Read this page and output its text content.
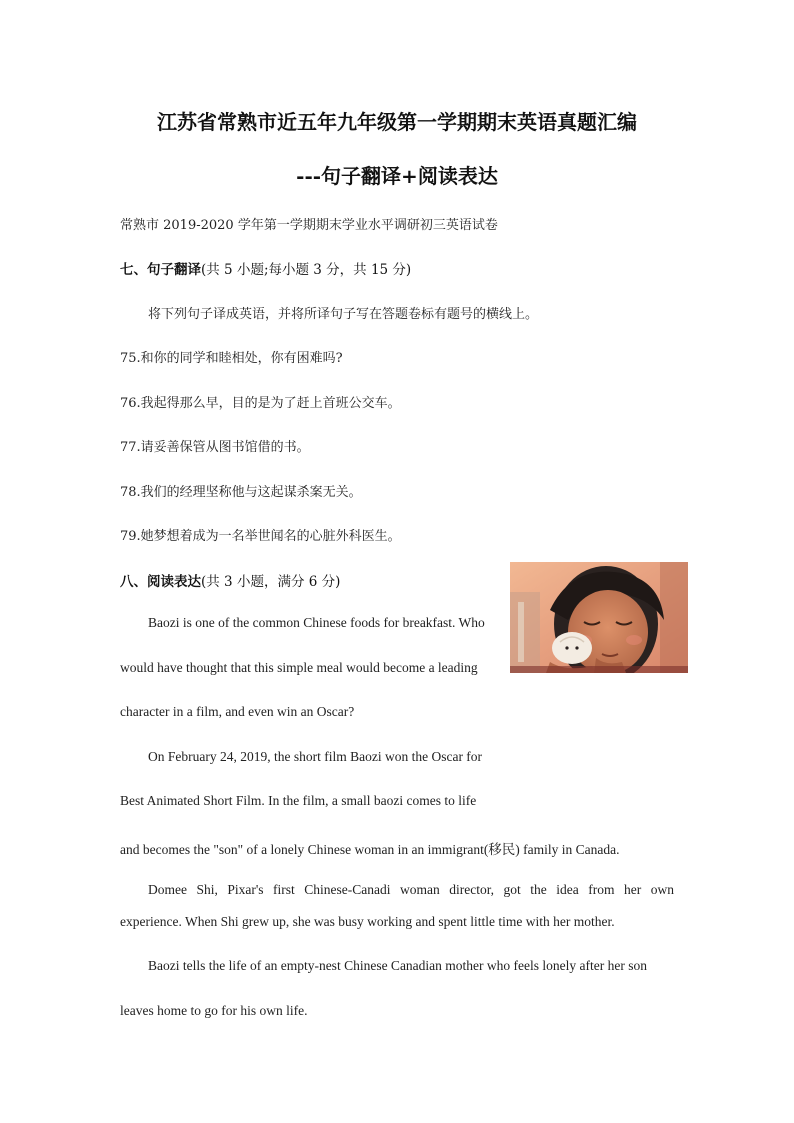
江苏省常熟市近五年九年级第一学期期末英语真题汇编
---句子翻译+阅读表达
常熟市 2019-2020 学年第一学期期末学业水平调研初三英语试卷
七、句子翻译(共 5 小题;每小题 3 分，共 15 分)
将下列句子译成英语，并将所译句子写在答题卷标有题号的横线上。
75.和你的同学和睦相处，你有困难吗?
76.我起得那么早，目的是为了赶上首班公交车。
77.请妥善保管从图书馆借的书。
78.我们的经理坚称他与这起谋杀案无关。
79.她梦想着成为一名举世闻名的心脏外科医生。
八、阅读表达(共 3 小题，满分 6 分)
Baozi is one of the common Chinese foods for breakfast. Who
would have thought that this simple meal would become a leading
character in a film, and even win an Oscar?
On February 24, 2019, the short film Baozi won the Oscar for
Best Animated Short Film. In the film, a small baozi comes to life
and becomes the "son" of a lonely Chinese woman in an immigrant(移民) family in Canada.
Domee Shi, Pixar's first Chinese-Canadi woman director, got the idea from her own
experience. When Shi grew up, she was busy working and spent little time with her mother.
Baozi tells the life of an empty-nest Chinese Canadian mother who feels lonely after her son
leaves home to go for his own life.
